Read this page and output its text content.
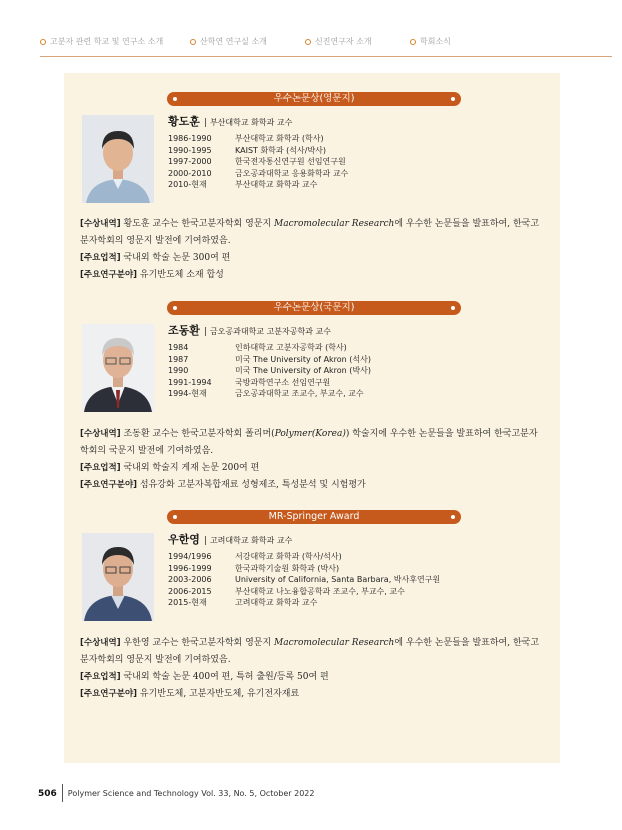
고분자 관련 학교 및 연구소 소개	산학연 연구실 소개	신진연구자 소개	학회소식
우수논문상(영문지)
황도훈 | 부산대학교 화학과 교수
1986-1990	부산대학교 화학과 (학사)
1990-1995	KAIST 화학과 (석사/박사)
1997-2000	한국전자통신연구원 선임연구원
2000-2010	금오공과대학교 응용화학과 교수
2010-현재	부산대학교 화학과 교수

[수상내역] 황도훈 교수는 한국고분자학회 영문지 Macromolecular Research에 우수한 논문들을 발표하여, 한국고분자학회의 영문지 발전에 기여하였음.

[주요업적] 국내외 학술 논문 300여 편

[주요연구분야] 유기반도체 소재 합성

우수논문상(국문지)
조동환 | 금오공과대학교 고분자공학과 교수
1984	인하대학교 고분자공학과 (학사)
1987	미국 The University of Akron (석사)
1990	미국 The University of Akron (박사)
1991-1994	국방과학연구소 선임연구원
1994-현재	금오공과대학교 조교수, 부교수, 교수

[수상내역] 조동환 교수는 한국고분자학회 폴리머(Polymer(Korea)) 학술지에 우수한 논문들을 발표하여 한국고분자학회의 국문지 발전에 기여하였음.

[주요업적] 국내외 학술지 게재 논문 200여 편

[주요연구분야] 섬유강화 고분자복합재료 성형제조, 특성분석 및 시험평가

MR-Springer Award
우한영 | 고려대학교 화학과 교수
1994/1996	서강대학교 화학과 (학사/석사)
1996-1999	한국과학기술원 화학과 (박사)
2003-2006	University of California, Santa Barbara, 박사후연구원
2006-2015	부산대학교 나노융합공학과 조교수, 부교수, 교수
2015-현재	고려대학교 화학과 교수

[수상내역] 우한영 교수는 한국고분자학회 영문지 Macromolecular Research에 우수한 논문들을 발표하여, 한국고분자학회의 영문지 발전에 기여하였음.

[주요업적] 국내외 학술 논문 400여 편, 특허 출원/등록 50여 편

[주요연구분야] 유기반도체, 고분자반도체, 유기전자재료

506 Polymer Science and Technology Vol. 33, No. 5, October 2022
